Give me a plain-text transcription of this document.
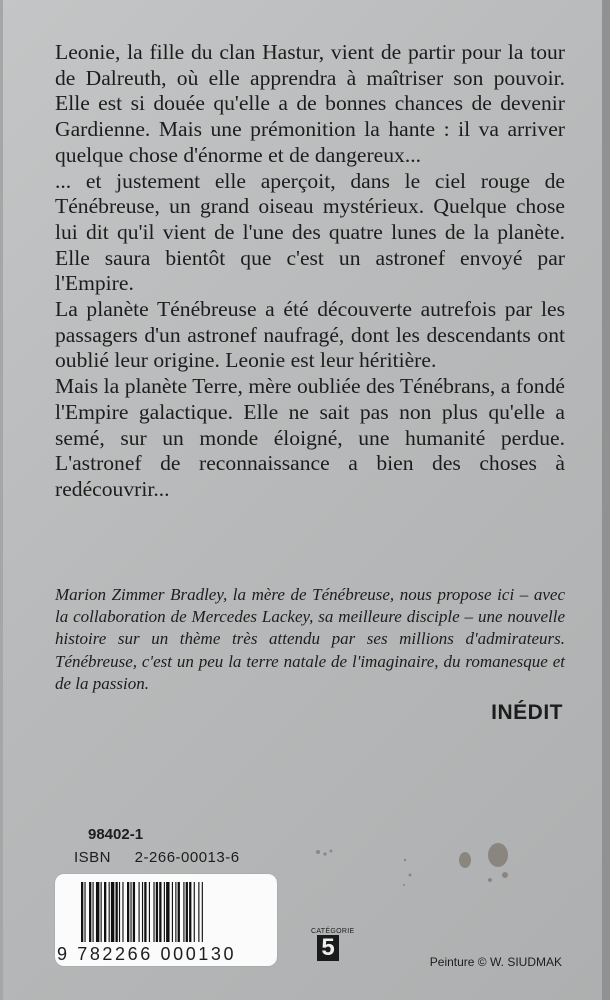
Leonie, la fille du clan Hastur, vient de partir pour la tour de Dalreuth, où elle apprendra à maîtriser son pouvoir. Elle est si douée qu'elle a de bonnes chances de devenir Gardienne. Mais une prémonition la hante : il va arriver quelque chose d'énorme et de dangereux...

... et justement elle aperçoit, dans le ciel rouge de Ténébreuse, un grand oiseau mystérieux. Quelque chose lui dit qu'il vient de l'une des quatre lunes de la planète. Elle saura bientôt que c'est un astronef envoyé par l'Empire.

La planète Ténébreuse a été découverte autrefois par les passagers d'un astronef naufragé, dont les descendants ont oublié leur origine. Leonie est leur héritière.

Mais la planète Terre, mère oubliée des Ténébrans, a fondé l'Empire galactique. Elle ne sait pas non plus qu'elle a semé, sur un monde éloigné, une humanité perdue. L'astronef de reconnaissance a bien des choses à redécouvrir...

Marion Zimmer Bradley, la mère de Ténébreuse, nous propose ici – avec la collaboration de Mercedes Lackey, sa meilleure disciple – une nouvelle histoire sur un thème très attendu par ses millions d'admirateurs. Ténébreuse, c'est un peu la terre natale de l'imaginaire, du romanesque et de la passion.
INÉDIT
98402-1
ISBN 2-266-00013-6
9 782266 000130
CATÉGORIE
5
Peinture © W. SIUDMAK
